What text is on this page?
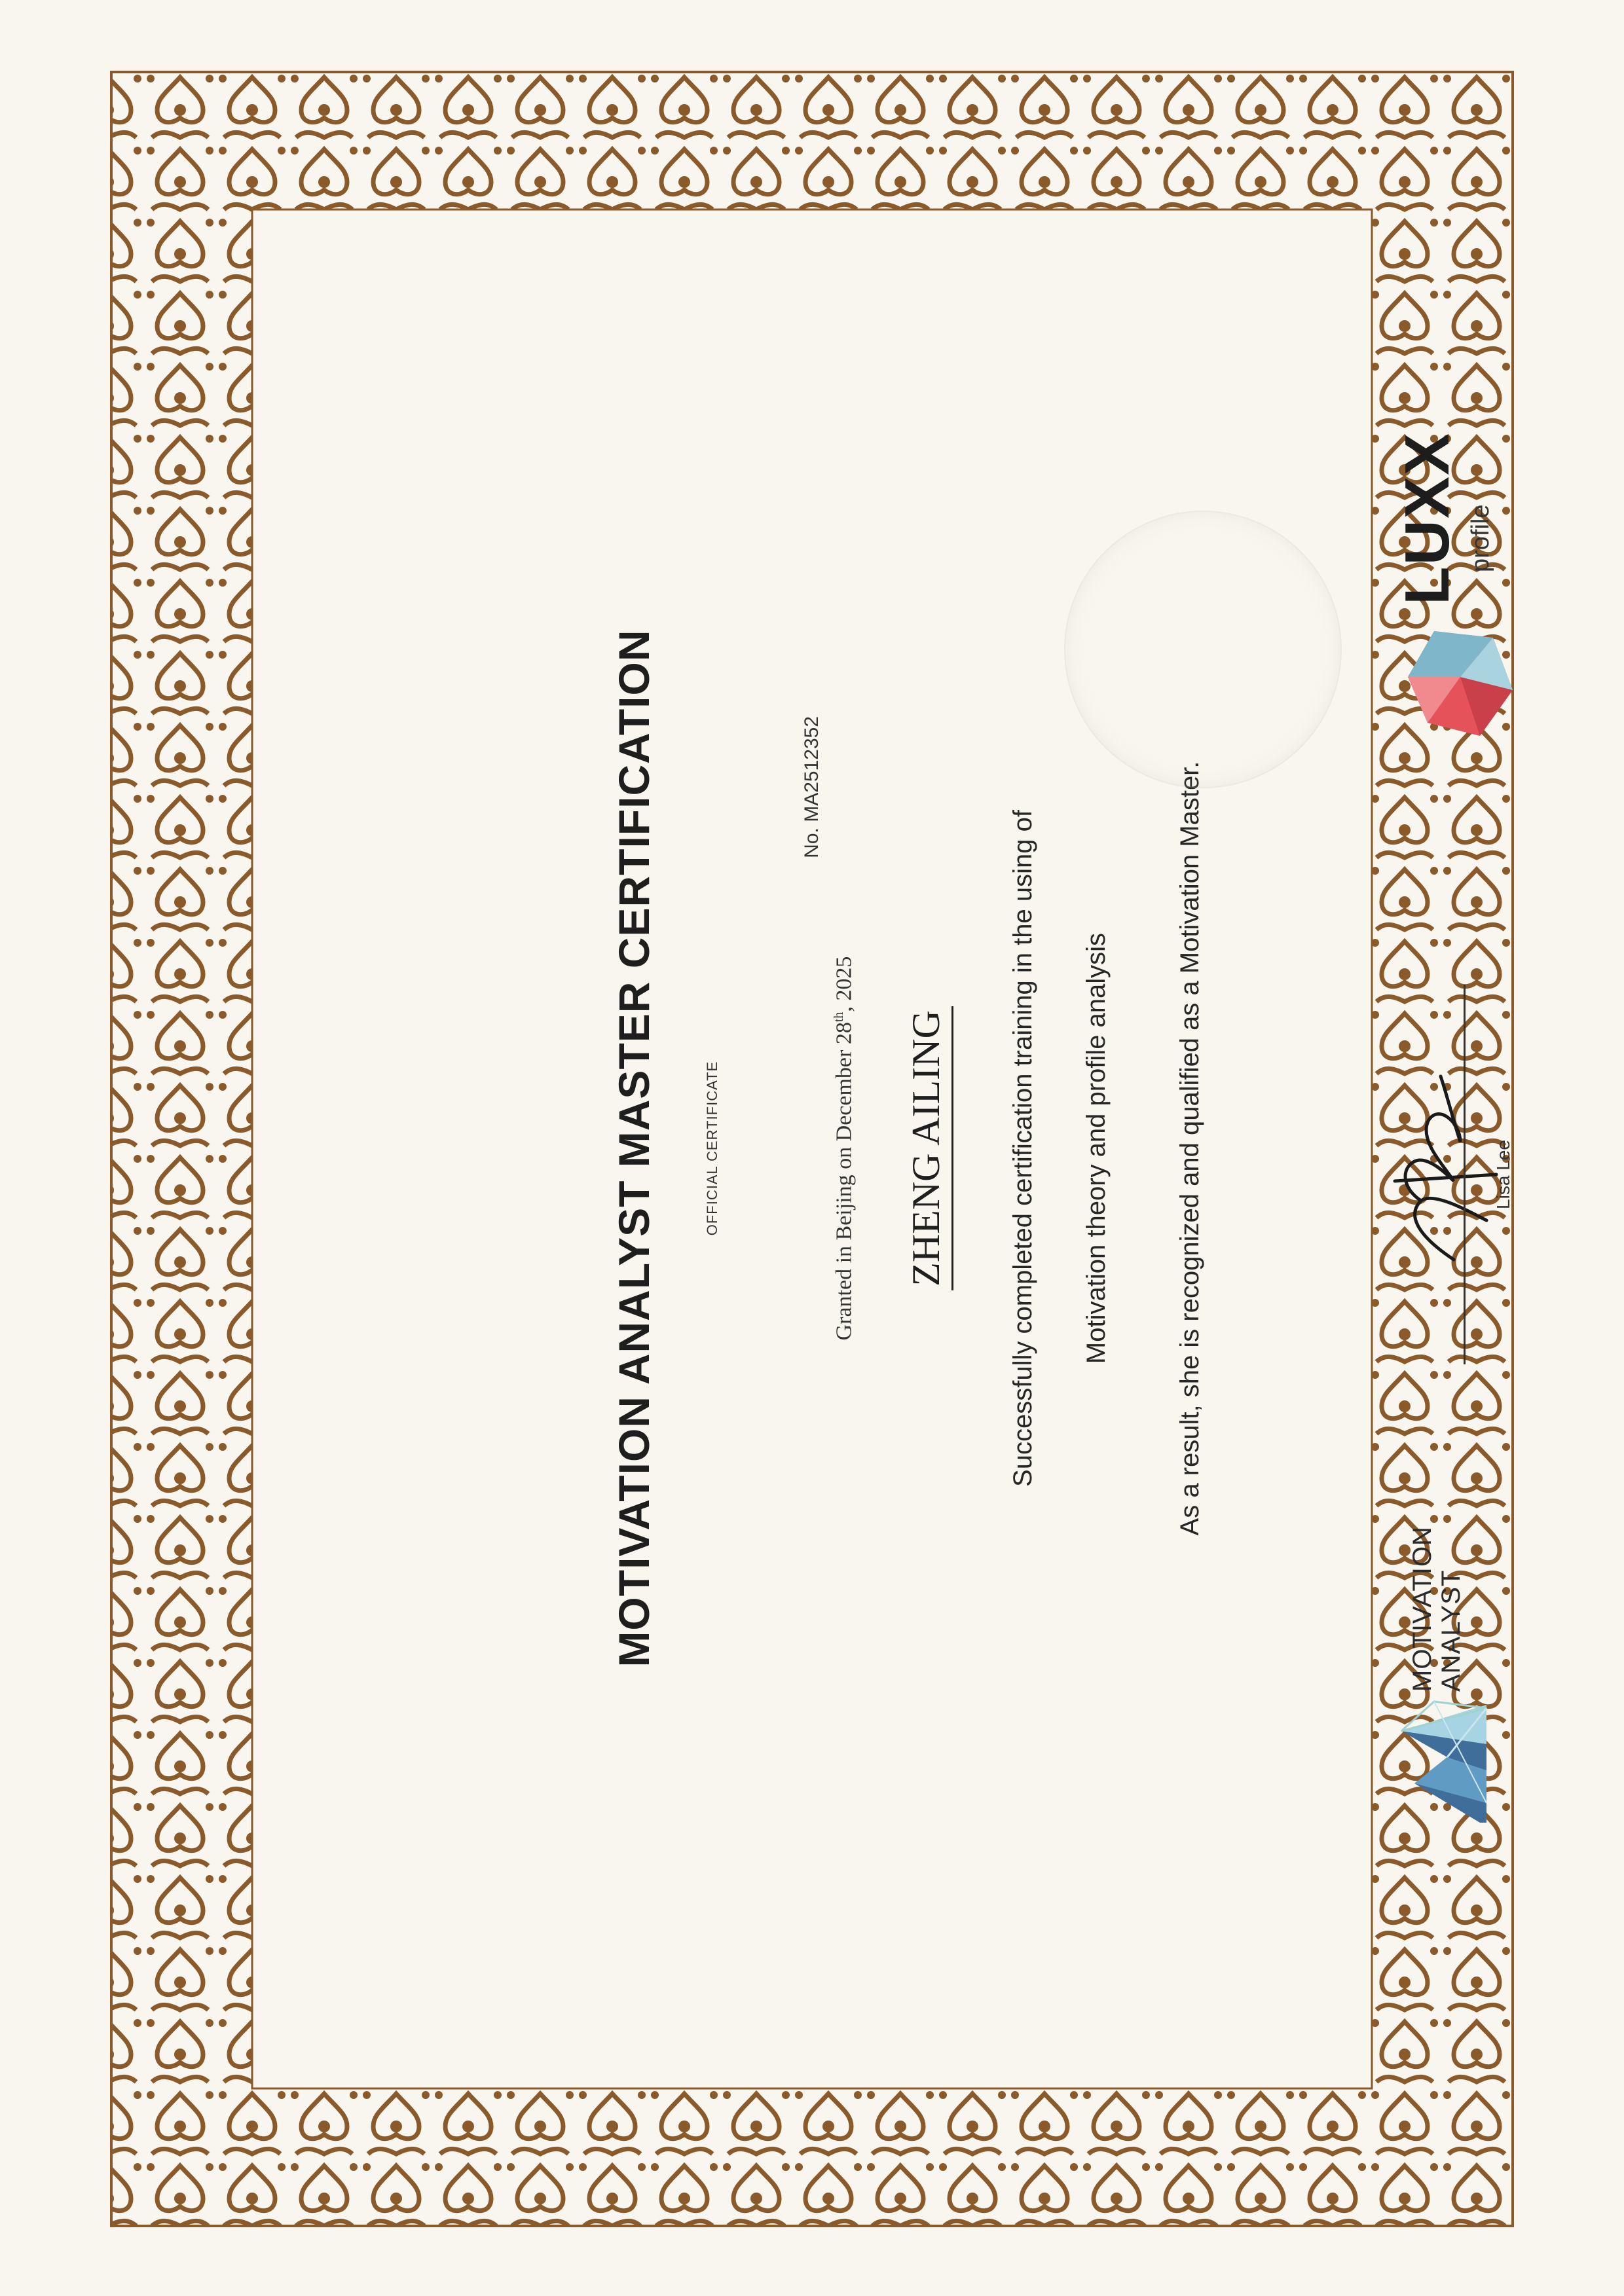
MOTIVATION ANALYST MASTER CERTIFICATION	OFFICIAL CERTIFICATE
No. MA2512352
Granted in Beijing on December 28th, 2025
ZHENG AILING Successfully completed certification training in the using of Motivation theory and profile analysis As a result, she is recognized and qualified as a Motivation Master.
MOTIVATION ANALYST
Lisa Lee
LUXX profile
